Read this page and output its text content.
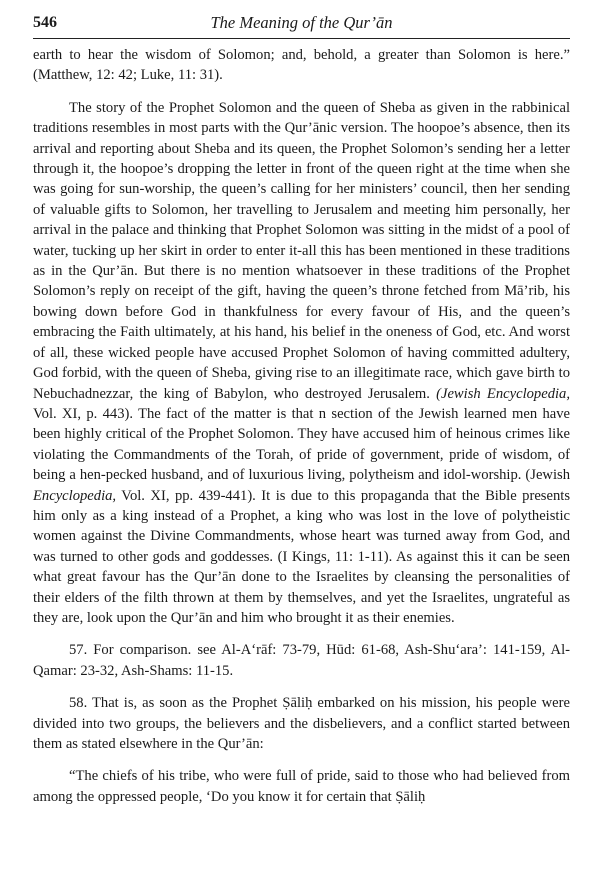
546	The Meaning of the Qur’ān

earth to hear the wisdom of Solomon; and, behold, a greater than Solomon is here.” (Matthew, 12: 42; Luke, 11: 31).

The story of the Prophet Solomon and the queen of Sheba as given in the rabbinical traditions resembles in most parts with the Qur’ānic version. The hoopoe’s absence, then its arrival and reporting about Sheba and its queen, the Prophet Solomon’s sending her a letter through it, the hoopoe’s dropping the letter in front of the queen right at the time when she was going for sun-worship, the queen’s calling for her ministers’ council, then her sending of valuable gifts to Solomon, her travelling to Jerusalem and meeting him personally, her arrival in the palace and thinking that Prophet Solomon was sitting in the midst of a pool of water, tucking up her skirt in order to enter it-all this has been mentioned in these traditions as in the Qur’ān. But there is no mention whatsoever in these traditions of the Prophet Solomon’s reply on receipt of the gift, having the queen’s throne fetched from Mā’rib, his bowing down before God in thankfulness for every favour of His, and the queen’s embracing the Faith ultimately, at his hand, his belief in the oneness of God, etc. And worst of all, these wicked people have accused Prophet Solomon of having committed adultery, God forbid, with the queen of Sheba, giving rise to an illegitimate race, which gave birth to Nebuchadnezzar, the king of Babylon, who destroyed Jerusalem. (Jewish Encyclopedia, Vol. XI, p. 443). The fact of the matter is that n section of the Jewish learned men have been highly critical of the Prophet Solomon. They have accused him of heinous crimes like violating the Commandments of the Torah, of pride of government, pride of wisdom, of being a hen-pecked husband, and of luxurious living, polytheism and idol-worship. (Jewish Encyclopedia, Vol. XI, pp. 439-441). It is due to this propaganda that the Bible presents him only as a king instead of a Prophet, a king who was lost in the love of polytheistic women against the Divine Commandments, whose heart was turned away from God, and was turned to other gods and goddesses. (I Kings, 11: 1-11). As against this it can be seen what great favour has the Qur’ān done to the Israelites by cleansing the personalities of their elders of the filth thrown at them by themselves, and yet the Israelites, ungrateful as they are, look upon the Qur’ān and him who brought it as their enemies.

57. For comparison. see Al-A‘rāf: 73-79, Hūd: 61-68, Ash-Shu‘ara’: 141-159, Al-Qamar: 23-32, Ash-Shams: 11-15.

58. That is, as soon as the Prophet Ṣāliḥ embarked on his mission, his people were divided into two groups, the believers and the disbelievers, and a conflict started between them as stated elsewhere in the Qur’ān:

“The chiefs of his tribe, who were full of pride, said to those who had believed from among the oppressed people, ‘Do you know it for certain that Ṣāliḥ
